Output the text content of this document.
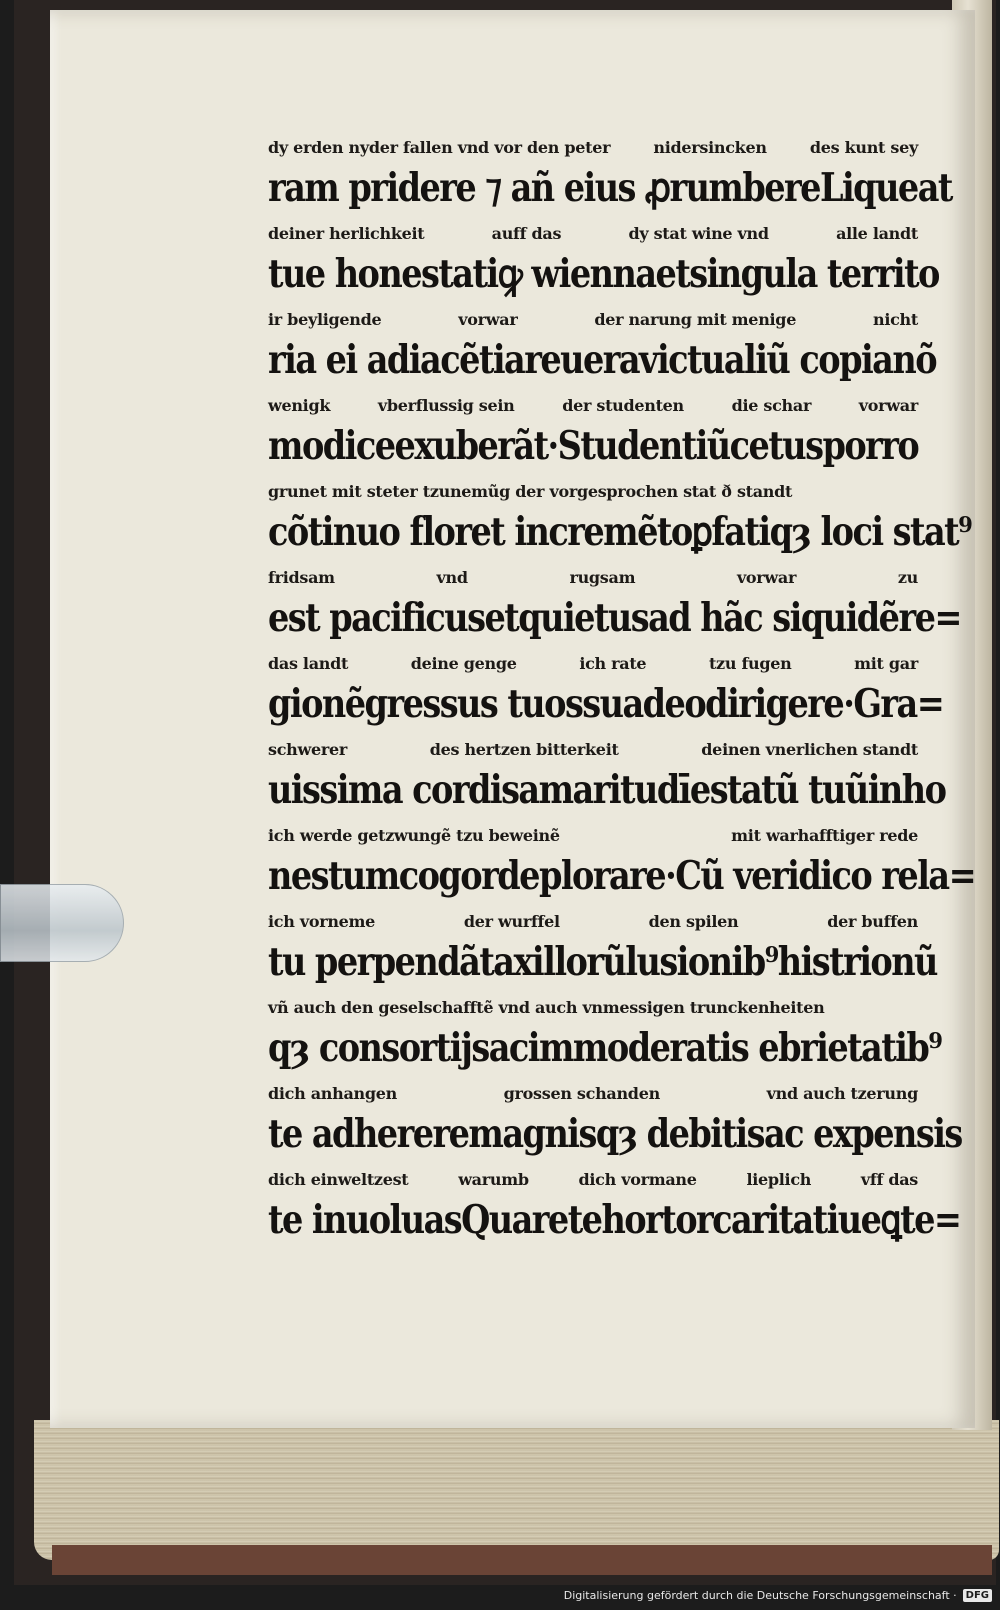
dy erden nyder fallen vnd vor den peter	nidersincken	des kunt sey
ram pridere ⁊ añ eius ꝓrumbere Liqueat
deiner herlichkeit	auff das	dy stat wine vnd	alle landt
tue honestati ꝙ wienna et singula territo
ir beyligende	vorwar	der narung mit menige	nicht
ria ei adiacẽtia reuera victualiũ copia nõ
wenigk	vberflussig sein	der studenten	die schar	vorwar
modice exuberãt· Studentiũ cetus porro
grunet mit steter tzunemũg der vorgesprochen stat ð standt
cõtinuo floret incremẽto ꝑfatiqȝ loci stat⁹
fridsam	vnd	rugsam	vorwar	zu
est pacificus et quietus ad hãc siquidẽ re=
das landt	deine genge	ich rate	tzu fugen	mit gar
gionẽ gressus tuos suadeo dirigere· Gra=
schwerer	des hertzen bitterkeit	deinen vnerlichen standt
uissima cordis amaritudīe statũ tuũ inho
ich werde getzwungẽ tzu beweinẽ	mit warhafftiger rede
nestum cogor deplorare· Cũ veridico rela=
ich vorneme	der wurffel	den spilen	der buffen
tu perpendã taxillorũ lusionib⁹ histrionũ
vñ auch den geselschafftẽ vnd auch vnmessigen trunckenheiten
qȝ consortijs ac immoderatis ebrietatib⁹
dich anhangen	grossen schanden	vnd auch tzerung
te adherere magnisqȝ debitis ac expensis
dich einweltzest	warumb	dich vormane	lieplich	vff das
te inuoluas Quare te hortor caritatiue ꝗte=
Digitalisierung gefördert durch die Deutsche Forschungsgemeinschaft · DFG
